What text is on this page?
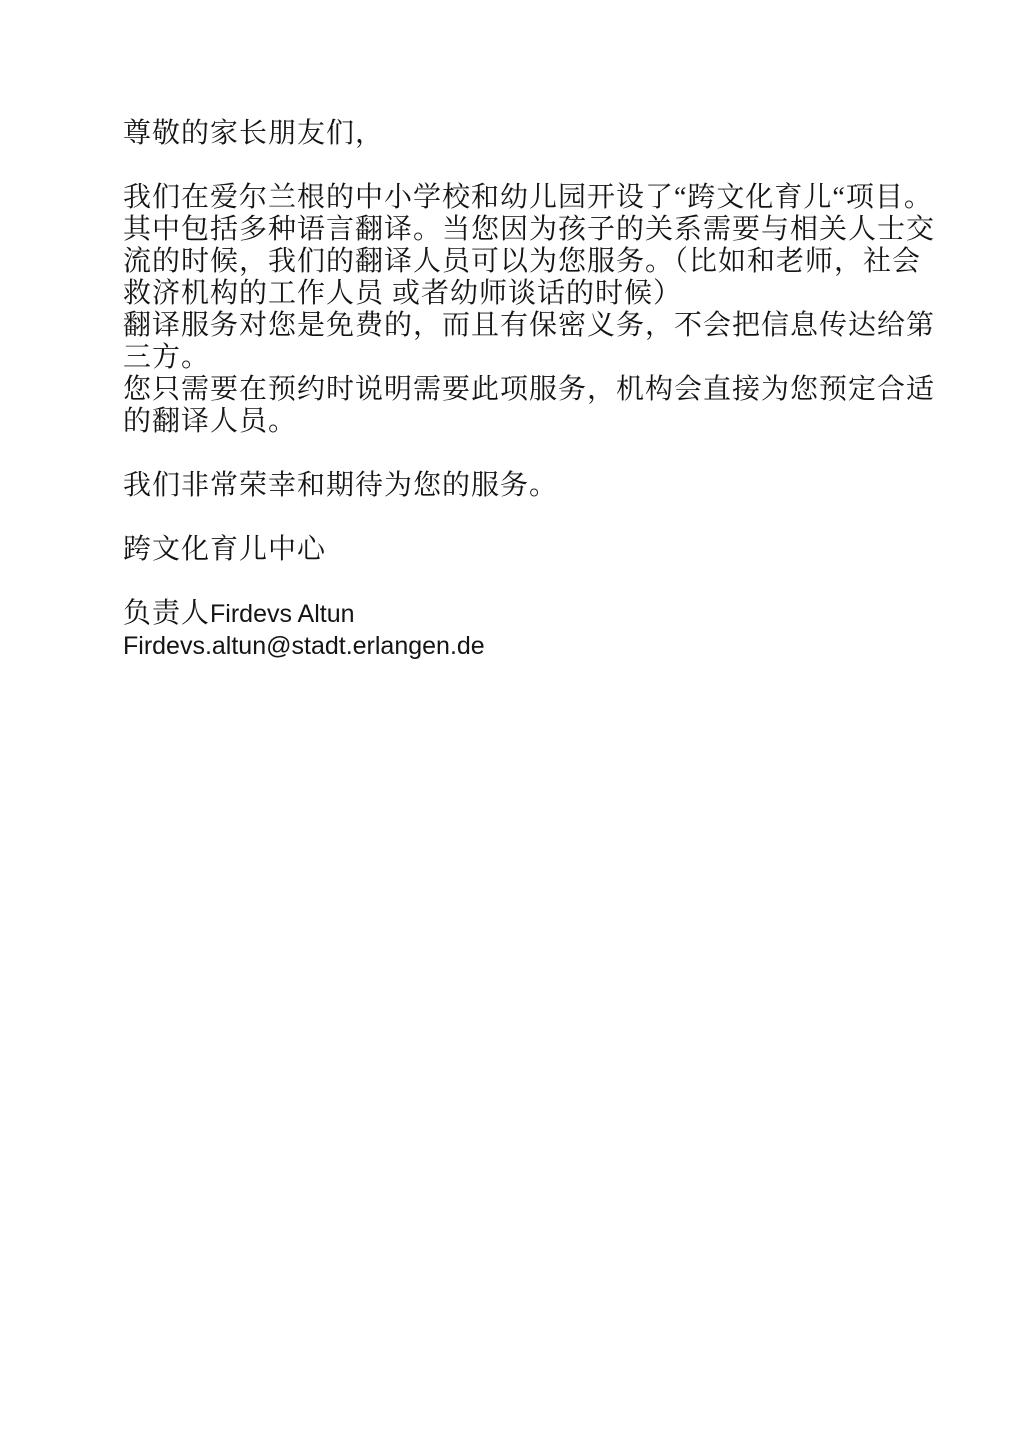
尊敬的家长朋友们，
我们在爱尔兰根的中小学校和幼儿园开设了“跨文化育儿“项目。
其中包括多种语言翻译。当您因为孩子的关系需要与相关人士交
流的时候，我们的翻译人员可以为您服务。（比如和老师，社会
救济机构的工作人员 或者幼师谈话的时候）
翻译服务对您是免费的，而且有保密义务，不会把信息传达给第
三方。
您只需要在预约时说明需要此项服务，机构会直接为您预定合适
的翻译人员。
我们非常荣幸和期待为您的服务。
跨文化育儿中心
负责人Firdevs Altun
Firdevs.altun@stadt.erlangen.de
